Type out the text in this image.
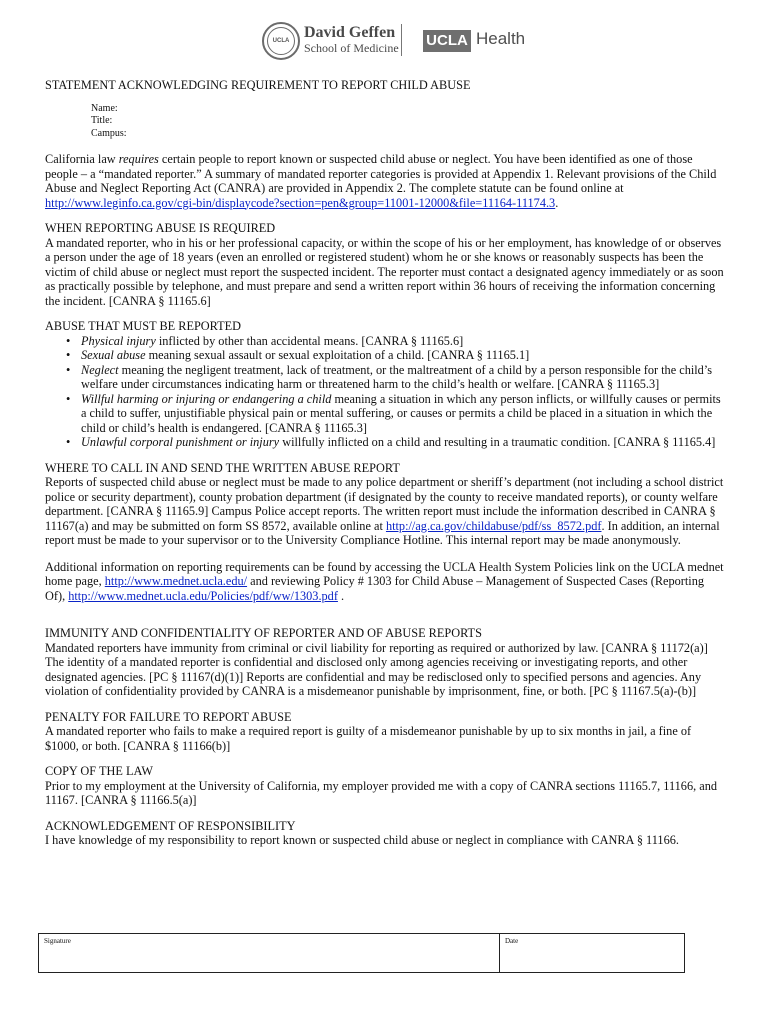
UCLA David Geffen
School of Medicine UCLA Health

STATEMENT ACKNOWLEDGING REQUIREMENT TO REPORT CHILD ABUSE

Name:
Title:
Campus:

California law requires certain people to report known or suspected child abuse or neglect. You have been identified as one of those people – a “mandated reporter.” A summary of mandated reporter categories is provided at Appendix 1. Relevant provisions of the Child Abuse and Neglect Reporting Act (CANRA) are provided in Appendix 2. The complete statute can be found online at http://www.leginfo.ca.gov/cgi-bin/displaycode?section=pen&group=11001-12000&file=11164-11174.3.

WHEN REPORTING ABUSE IS REQUIRED

A mandated reporter, who in his or her professional capacity, or within the scope of his or her employment, has knowledge of or observes a person under the age of 18 years (even an enrolled or registered student) whom he or she knows or reasonably suspects has been the victim of child abuse or neglect must report the suspected incident. The reporter must contact a designated agency immediately or as soon as practically possible by telephone, and must prepare and send a written report within 36 hours of receiving the information concerning the incident. [CANRA § 11165.6]

ABUSE THAT MUST BE REPORTED

• Physical injury inflicted by other than accidental means. [CANRA § 11165.6]
• Sexual abuse meaning sexual assault or sexual exploitation of a child. [CANRA § 11165.1]
• Neglect meaning the negligent treatment, lack of treatment, or the maltreatment of a child by a person responsible for the child’s welfare under circumstances indicating harm or threatened harm to the child’s health or welfare. [CANRA § 11165.3]
• Willful harming or injuring or endangering a child meaning a situation in which any person inflicts, or willfully causes or permits a child to suffer, unjustifiable physical pain or mental suffering, or causes or permits a child be placed in a situation in which the child or child’s health is endangered. [CANRA § 11165.3]
• Unlawful corporal punishment or injury willfully inflicted on a child and resulting in a traumatic condition. [CANRA § 11165.4]

WHERE TO CALL IN AND SEND THE WRITTEN ABUSE REPORT

Reports of suspected child abuse or neglect must be made to any police department or sheriff’s department (not including a school district police or security department), county probation department (if designated by the county to receive mandated reports), or county welfare department. [CANRA § 11165.9] Campus Police accept reports. The written report must include the information described in CANRA § 11167(a) and may be submitted on form SS 8572, available online at http://ag.ca.gov/childabuse/pdf/ss_8572.pdf. In addition, an internal report must be made to your supervisor or to the University Compliance Hotline. This internal report may be made anonymously.

Additional information on reporting requirements can be found by accessing the UCLA Health System Policies link on the UCLA mednet home page, http://www.mednet.ucla.edu/ and reviewing Policy # 1303 for Child Abuse – Management of Suspected Cases (Reporting Of), http://www.mednet.ucla.edu/Policies/pdf/ww/1303.pdf .

IMMUNITY AND CONFIDENTIALITY OF REPORTER AND OF ABUSE REPORTS

Mandated reporters have immunity from criminal or civil liability for reporting as required or authorized by law. [CANRA § 11172(a)] The identity of a mandated reporter is confidential and disclosed only among agencies receiving or investigating reports, and other designated agencies. [PC § 11167(d)(1)] Reports are confidential and may be redisclosed only to specified persons and agencies. Any violation of confidentiality provided by CANRA is a misdemeanor punishable by imprisonment, fine, or both. [PC § 11167.5(a)-(b)]

PENALTY FOR FAILURE TO REPORT ABUSE

A mandated reporter who fails to make a required report is guilty of a misdemeanor punishable by up to six months in jail, a fine of $1000, or both. [CANRA § 11166(b)]

COPY OF THE LAW

Prior to my employment at the University of California, my employer provided me with a copy of CANRA sections 11165.7, 11166, and 11167. [CANRA § 11166.5(a)]

ACKNOWLEDGEMENT OF RESPONSIBILITY

I have knowledge of my responsibility to report known or suspected child abuse or neglect in compliance with CANRA § 11166.

Signature	Date
